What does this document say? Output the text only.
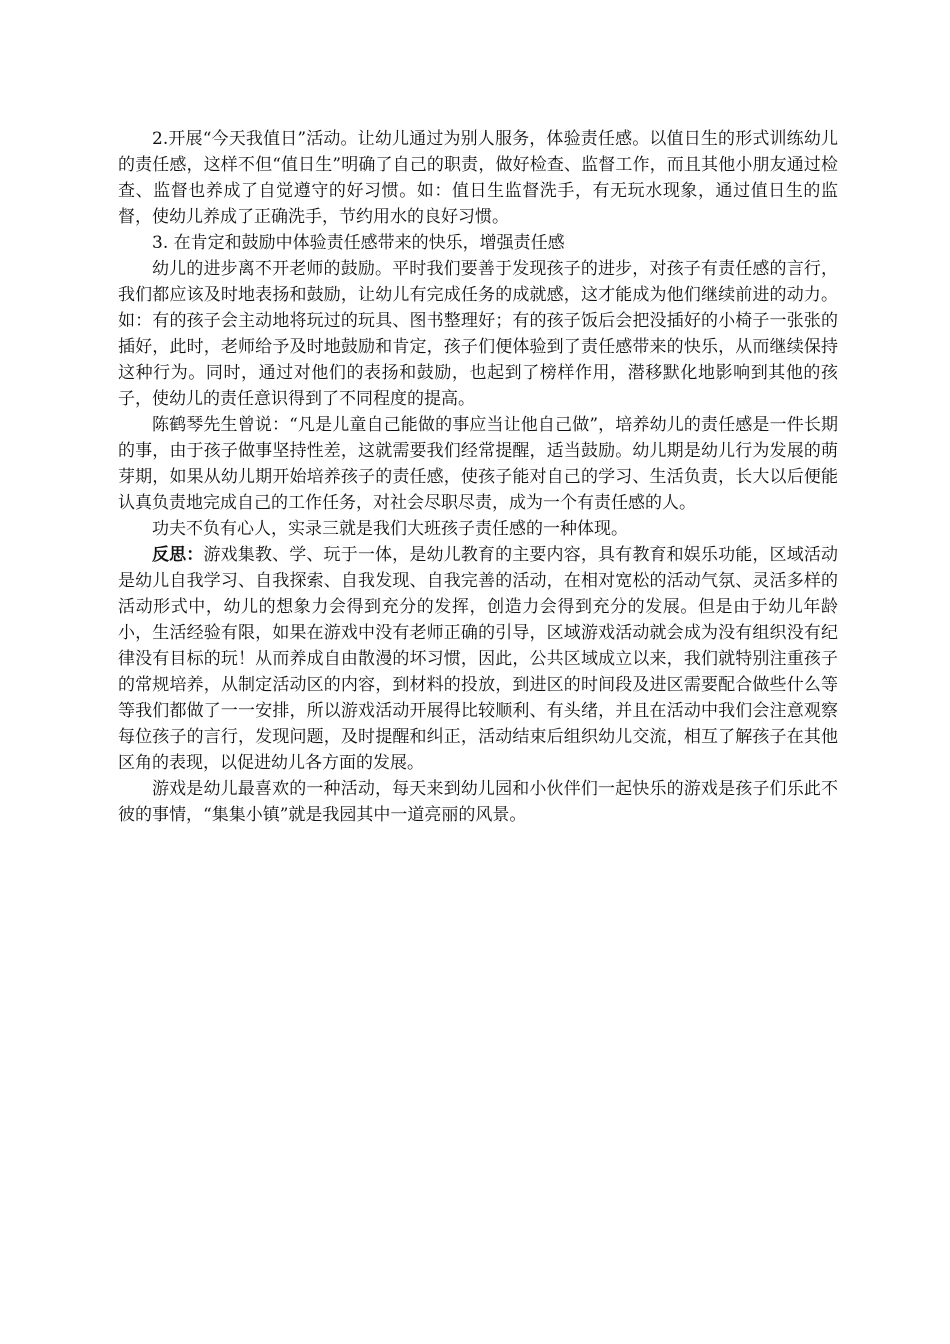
2.开展“今天我值日”活动。让幼儿通过为别人服务，体验责任感。以值日生的形式训练幼儿的责任感，这样不但“值日生”明确了自己的职责，做好检查、监督工作，而且其他小朋友通过检查、监督也养成了自觉遵守的好习惯。如：值日生监督洗手，有无玩水现象，通过值日生的监督，使幼儿养成了正确洗手，节约用水的良好习惯。

3. 在肯定和鼓励中体验责任感带来的快乐，增强责任感

幼儿的进步离不开老师的鼓励。平时我们要善于发现孩子的进步，对孩子有责任感的言行，我们都应该及时地表扬和鼓励，让幼儿有完成任务的成就感，这才能成为他们继续前进的动力。如：有的孩子会主动地将玩过的玩具、图书整理好；有的孩子饭后会把没插好的小椅子一张张的插好，此时，老师给予及时地鼓励和肯定，孩子们便体验到了责任感带来的快乐，从而继续保持这种行为。同时，通过对他们的表扬和鼓励，也起到了榜样作用，潜移默化地影响到其他的孩子，使幼儿的责任意识得到了不同程度的提高。

陈鹤琴先生曾说：“凡是儿童自己能做的事应当让他自己做”，培养幼儿的责任感是一件长期的事，由于孩子做事坚持性差，这就需要我们经常提醒，适当鼓励。幼儿期是幼儿行为发展的萌芽期，如果从幼儿期开始培养孩子的责任感，使孩子能对自己的学习、生活负责，长大以后便能认真负责地完成自己的工作任务，对社会尽职尽责，成为一个有责任感的人。

功夫不负有心人，实录三就是我们大班孩子责任感的一种体现。

反思：游戏集教、学、玩于一体，是幼儿教育的主要内容，具有教育和娱乐功能，区域活动是幼儿自我学习、自我探索、自我发现、自我完善的活动，在相对宽松的活动气氛、灵活多样的活动形式中，幼儿的想象力会得到充分的发挥，创造力会得到充分的发展。但是由于幼儿年龄小，生活经验有限，如果在游戏中没有老师正确的引导，区域游戏活动就会成为没有组织没有纪律没有目标的玩！从而养成自由散漫的坏习惯，因此，公共区域成立以来，我们就特别注重孩子的常规培养，从制定活动区的内容，到材料的投放，到进区的时间段及进区需要配合做些什么等等我们都做了一一安排，所以游戏活动开展得比较顺利、有头绪，并且在活动中我们会注意观察每位孩子的言行，发现问题，及时提醒和纠正，活动结束后组织幼儿交流，相互了解孩子在其他区角的表现，以促进幼儿各方面的发展。

游戏是幼儿最喜欢的一种活动，每天来到幼儿园和小伙伴们一起快乐的游戏是孩子们乐此不彼的事情，“集集小镇”就是我园其中一道亮丽的风景。
